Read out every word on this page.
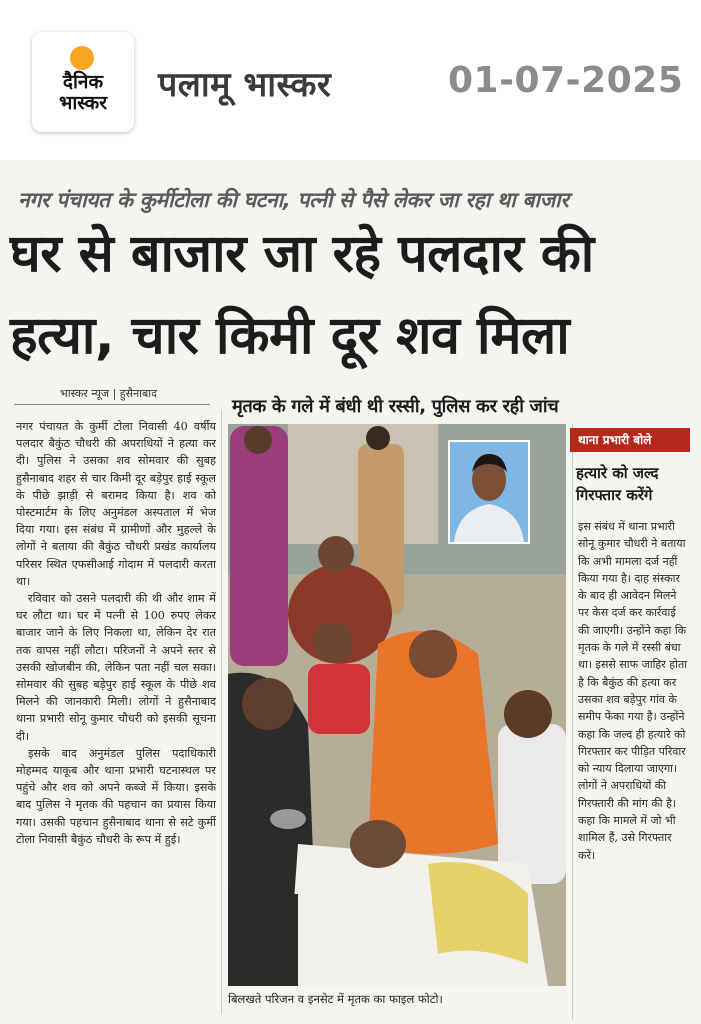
दैनिक
भास्कर	पलामू भास्कर	01-07-2025
नगर पंचायत के कुर्मीटोला की घटना, पत्नी से पैसे लेकर जा रहा था बाजार
घर से बाजार जा रहे पलदार की
हत्या, चार किमी दूर शव मिला
भास्कर न्यूज | हुसैनाबाद
मृतक के गले में बंधी थी रस्सी, पुलिस कर रही जांच

नगर पंचायत के कुर्मी टोला निवासी 40 वर्षीय पलदार बैकुंठ चौधरी की अपराधियों ने हत्या कर दी। पुलिस ने उसका शव सोमवार की सुबह हुसैनाबाद शहर से चार किमी दूर बड़ेपुर हाई स्कूल के पीछे झाड़ी से बरामद किया है। शव को पोस्टमार्टम के लिए अनुमंडल अस्पताल में भेज दिया गया। इस संबंध में ग्रामीणों और मुहल्ले के लोगों ने बताया की बैकुंठ चौधरी प्रखंड कार्यालय परिसर स्थित एफसीआई गोदाम में पलदारी करता था।

रविवार को उसने पलदारी की थी और शाम में घर लौटा था। घर में पत्नी से 100 रुपए लेकर बाजार जाने के लिए निकला था, लेकिन देर रात तक वापस नहीं लौटा। परिजनों ने अपने स्तर से उसकी खोजबीन की, लेकिन पता नहीं चल सका। सोमवार की सुबह बड़ेपुर हाई स्कूल के पीछे शव मिलने की जानकारी मिली। लोगों ने हुसैनाबाद थाना प्रभारी सोनू कुमार चौधरी को इसकी सूचना दी।

इसके बाद अनुमंडल पुलिस पदाधिकारी मोहम्मद याकूब और थाना प्रभारी घटनास्थल पर पहुंचे और शव को अपने कब्जे में किया। इसके बाद पुलिस ने मृतक की पहचान का प्रयास किया गया। उसकी पहचान हुसैनाबाद थाना से सटे कुर्मी टोला निवासी बैकुंठ चौधरी के रूप में हुई।

बिलखते परिजन व इनसेट में मृतक का फाइल फोटो।
थाना प्रभारी बोले
हत्यारे को जल्द गिरफ्तार करेंगे
इस संबंध में थाना प्रभारी सोनू कुमार चौधरी ने बताया कि अभी मामला दर्ज नहीं किया गया है। दाह संस्कार के बाद ही आवेदन मिलने पर केस दर्ज कर कार्रवाई की जाएगी। उन्होंने कहा कि मृतक के गले में रस्सी बंधा था। इससे साफ जाहिर होता है कि बैकुंठ की हत्या कर उसका शव बड़ेपुर गांव के समीप फेंका गया है। उन्होंने कहा कि जल्द ही हत्यारे को गिरफ्तार कर पीड़ित परिवार को न्याय दिलाया जाएगा। लोगों ने अपराधियों की गिरफ्तारी की मांग की है। कहा कि मामले में जो भी शामिल हैं, उसे गिरफ्तार करें।
